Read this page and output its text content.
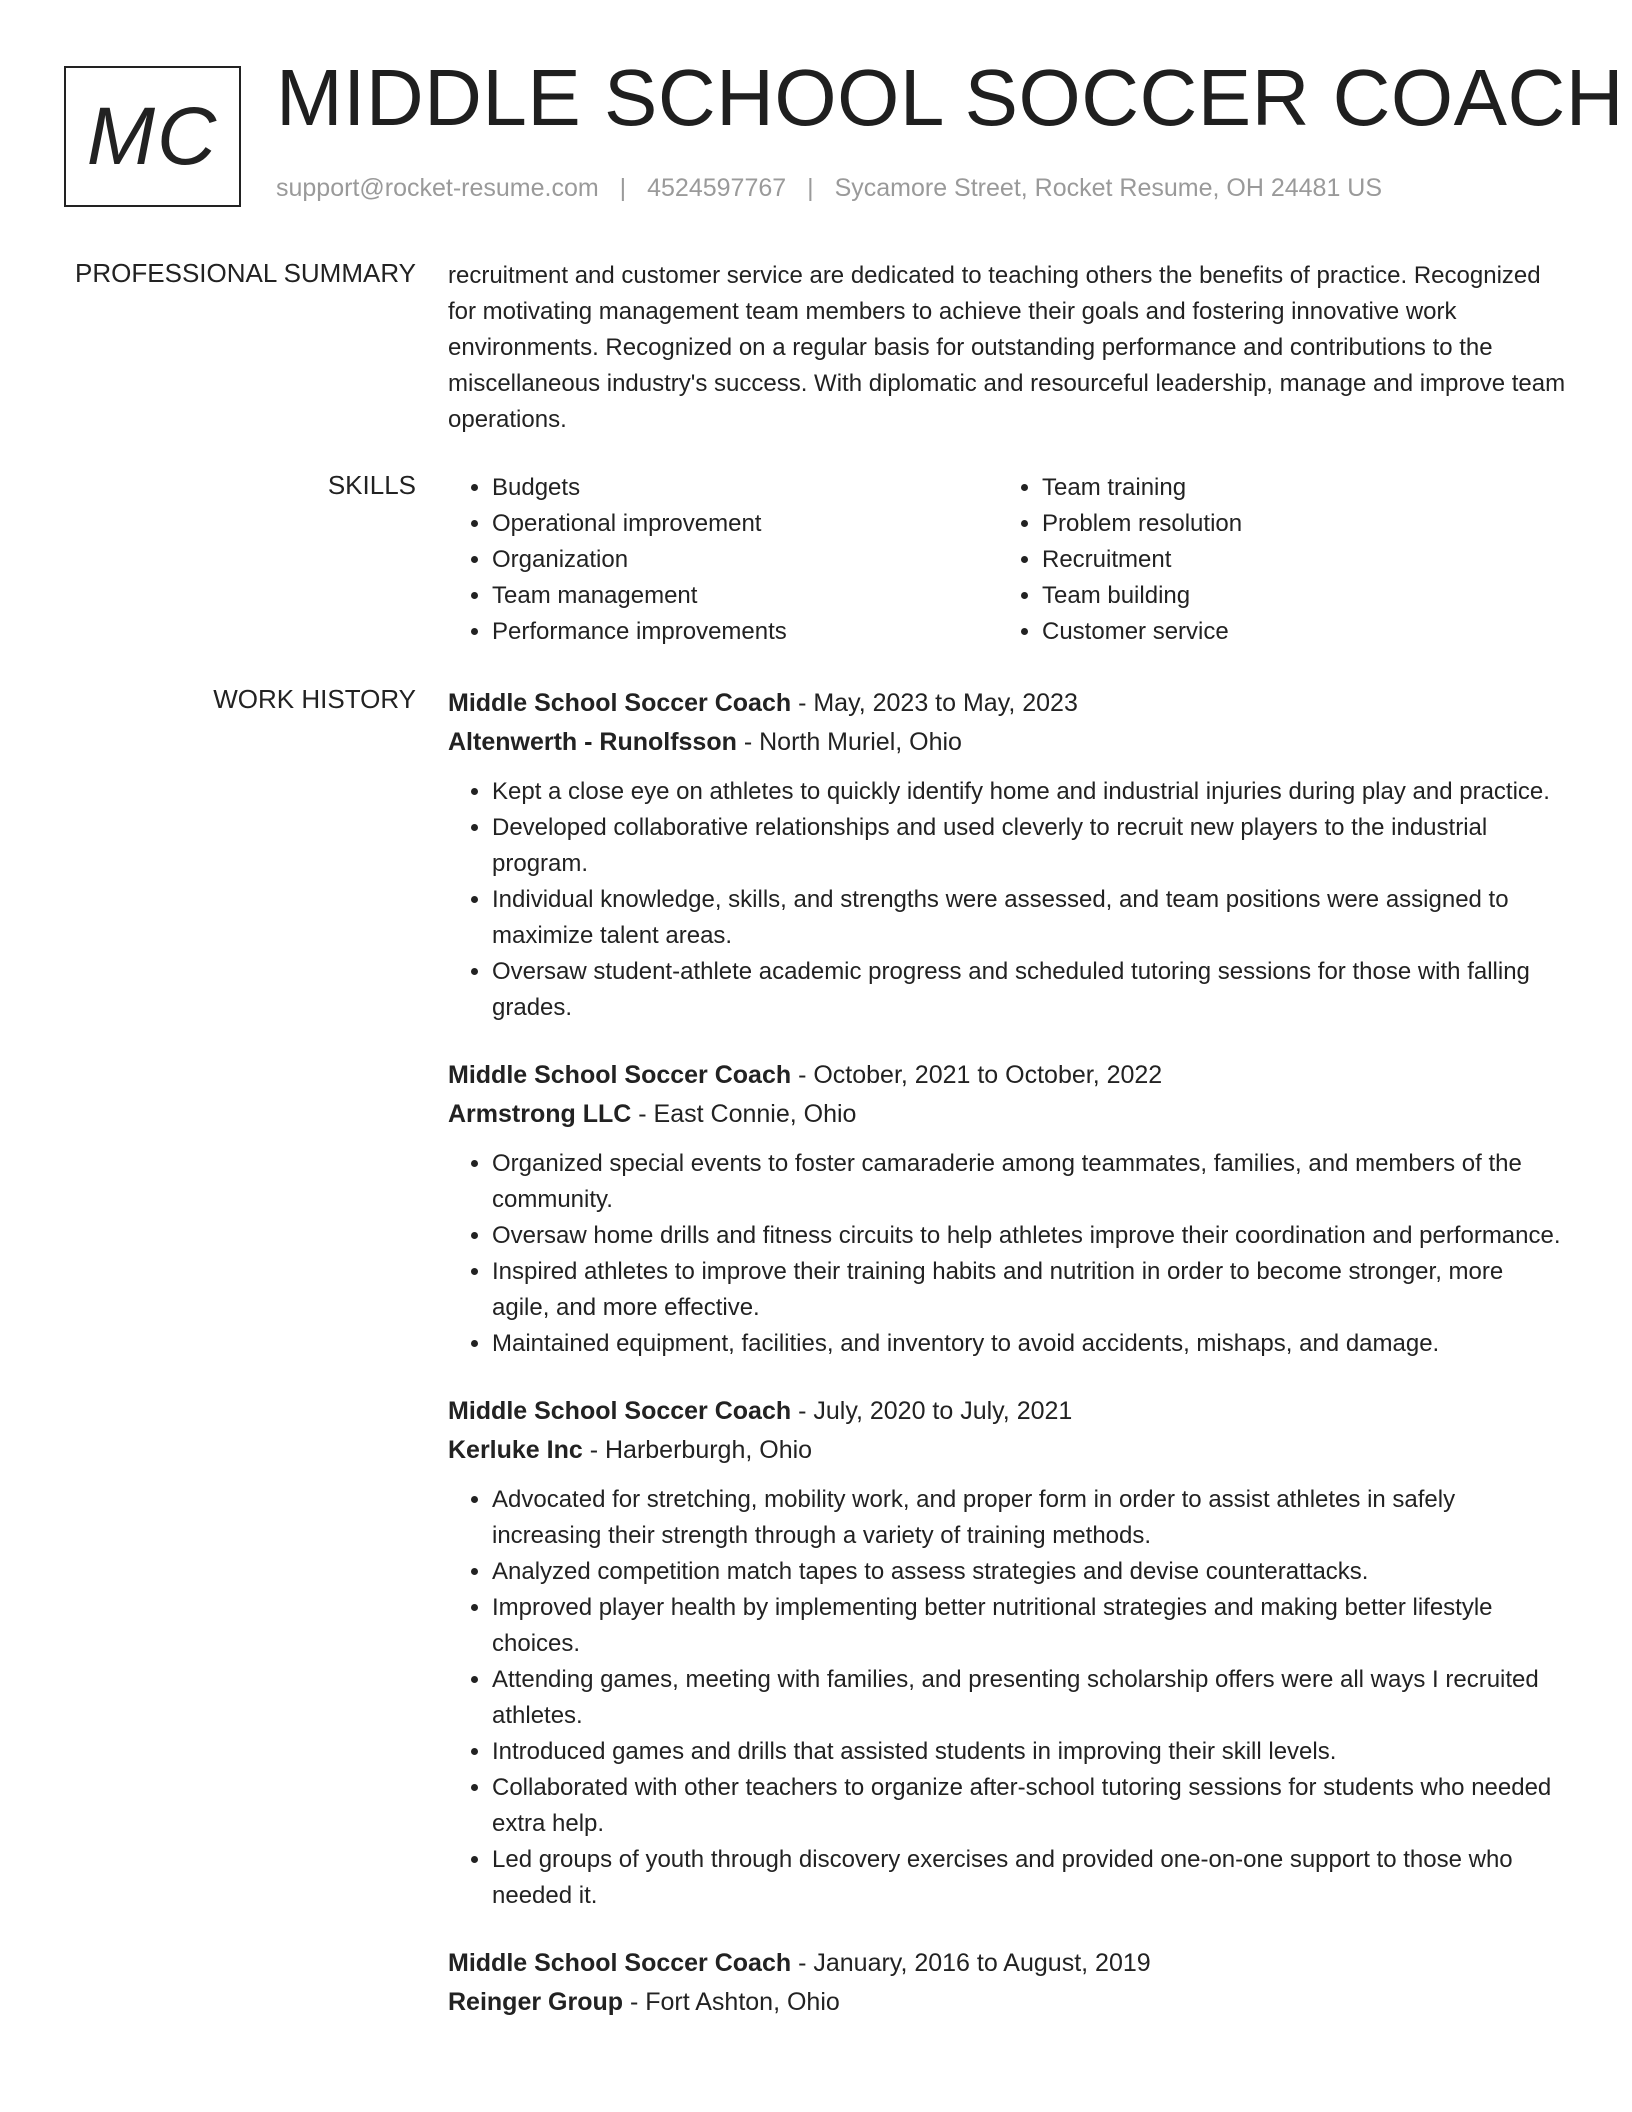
MC MIDDLE SCHOOL SOCCER COACH
support@rocket-resume.com | 4524597767 | Sycamore Street, Rocket Resume, OH 24481 US
PROFESSIONAL SUMMARY recruitment and customer service are dedicated to teaching others the benefits of practice. Recognized for motivating management team members to achieve their goals and fostering innovative work environments. Recognized on a regular basis for outstanding performance and contributions to the miscellaneous industry's success. With diplomatic and resourceful leadership, manage and improve team operations.

SKILLS
•	Budgets
• Operational improvement
• Organization
• Team management
• Performance improvements
• Team training
• Problem resolution
• Recruitment
• Team building
• Customer service
WORK HISTORY Middle School Soccer Coach - May, 2023 to May, 2023
Altenwerth - Runolfsson - North Muriel, Ohio
• Kept a close eye on athletes to quickly identify home and industrial injuries during play and practice.
• Developed collaborative relationships and used cleverly to recruit new players to the industrial program.
• Individual knowledge, skills, and strengths were assessed, and team positions were assigned to maximize talent areas.
• Oversaw student-athlete academic progress and scheduled tutoring sessions for those with falling grades.
Middle School Soccer Coach - October, 2021 to October, 2022
Armstrong LLC - East Connie, Ohio
• Organized special events to foster camaraderie among teammates, families, and members of the community.
• Oversaw home drills and fitness circuits to help athletes improve their coordination and performance.
• Inspired athletes to improve their training habits and nutrition in order to become stronger, more agile, and more effective.
• Maintained equipment, facilities, and inventory to avoid accidents, mishaps, and damage.
Middle School Soccer Coach - July, 2020 to July, 2021
Kerluke Inc - Harberburgh, Ohio
• Advocated for stretching, mobility work, and proper form in order to assist athletes in safely increasing their strength through a variety of training methods.
• Analyzed competition match tapes to assess strategies and devise counterattacks.
• Improved player health by implementing better nutritional strategies and making better lifestyle choices.
• Attending games, meeting with families, and presenting scholarship offers were all ways I recruited athletes.
• Introduced games and drills that assisted students in improving their skill levels.
• Collaborated with other teachers to organize after-school tutoring sessions for students who needed extra help.
• Led groups of youth through discovery exercises and provided one-on-one support to those who needed it.
Middle School Soccer Coach - January, 2016 to August, 2019
Reinger Group - Fort Ashton, Ohio
